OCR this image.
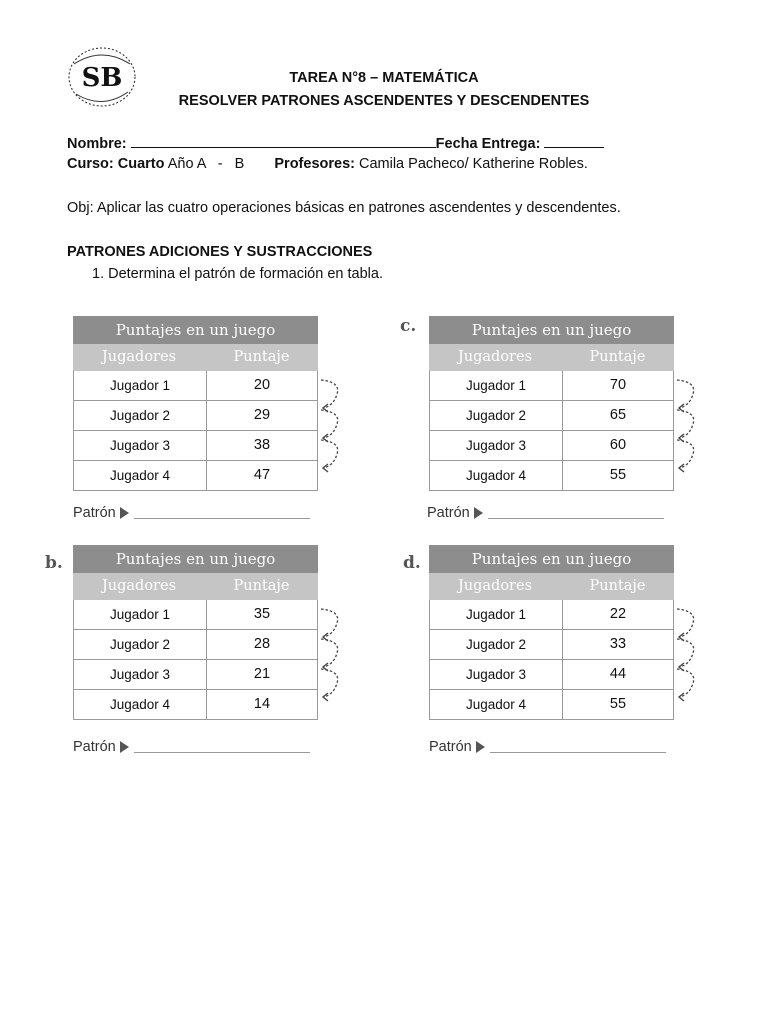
SB	TAREA N°8 – MATEMÁTICA
RESOLVER PATRONES ASCENDENTES Y DESCENDENTES
Nombre:	Fecha Entrega:
Curso: Cuarto Año A   -   B Profesores: Camila Pacheco/ Katherine Robles.
Obj: Aplicar las cuatro operaciones básicas en patrones ascendentes y descendentes.
PATRONES ADICIONES Y SUSTRACCIONES
1. Determina el patrón de formación en tabla.
Puntajes en un juego
Jugadores	Puntaje
Jugador 1	20
Jugador 2	29
Jugador 3	38
Jugador 4	47
Patrón
Puntajes en un juego
Jugadores	Puntaje
Jugador 1	70
Jugador 2	65
Jugador 3	60
Jugador 4	55
c.
Patrón
Puntajes en un juego
Jugadores	Puntaje
Jugador 1	35
Jugador 2	28
Jugador 3	21
Jugador 4	14
b.
Patrón
Puntajes en un juego
Jugadores	Puntaje
Jugador 1	22
Jugador 2	33
Jugador 3	44
Jugador 4	55
d.
Patrón
